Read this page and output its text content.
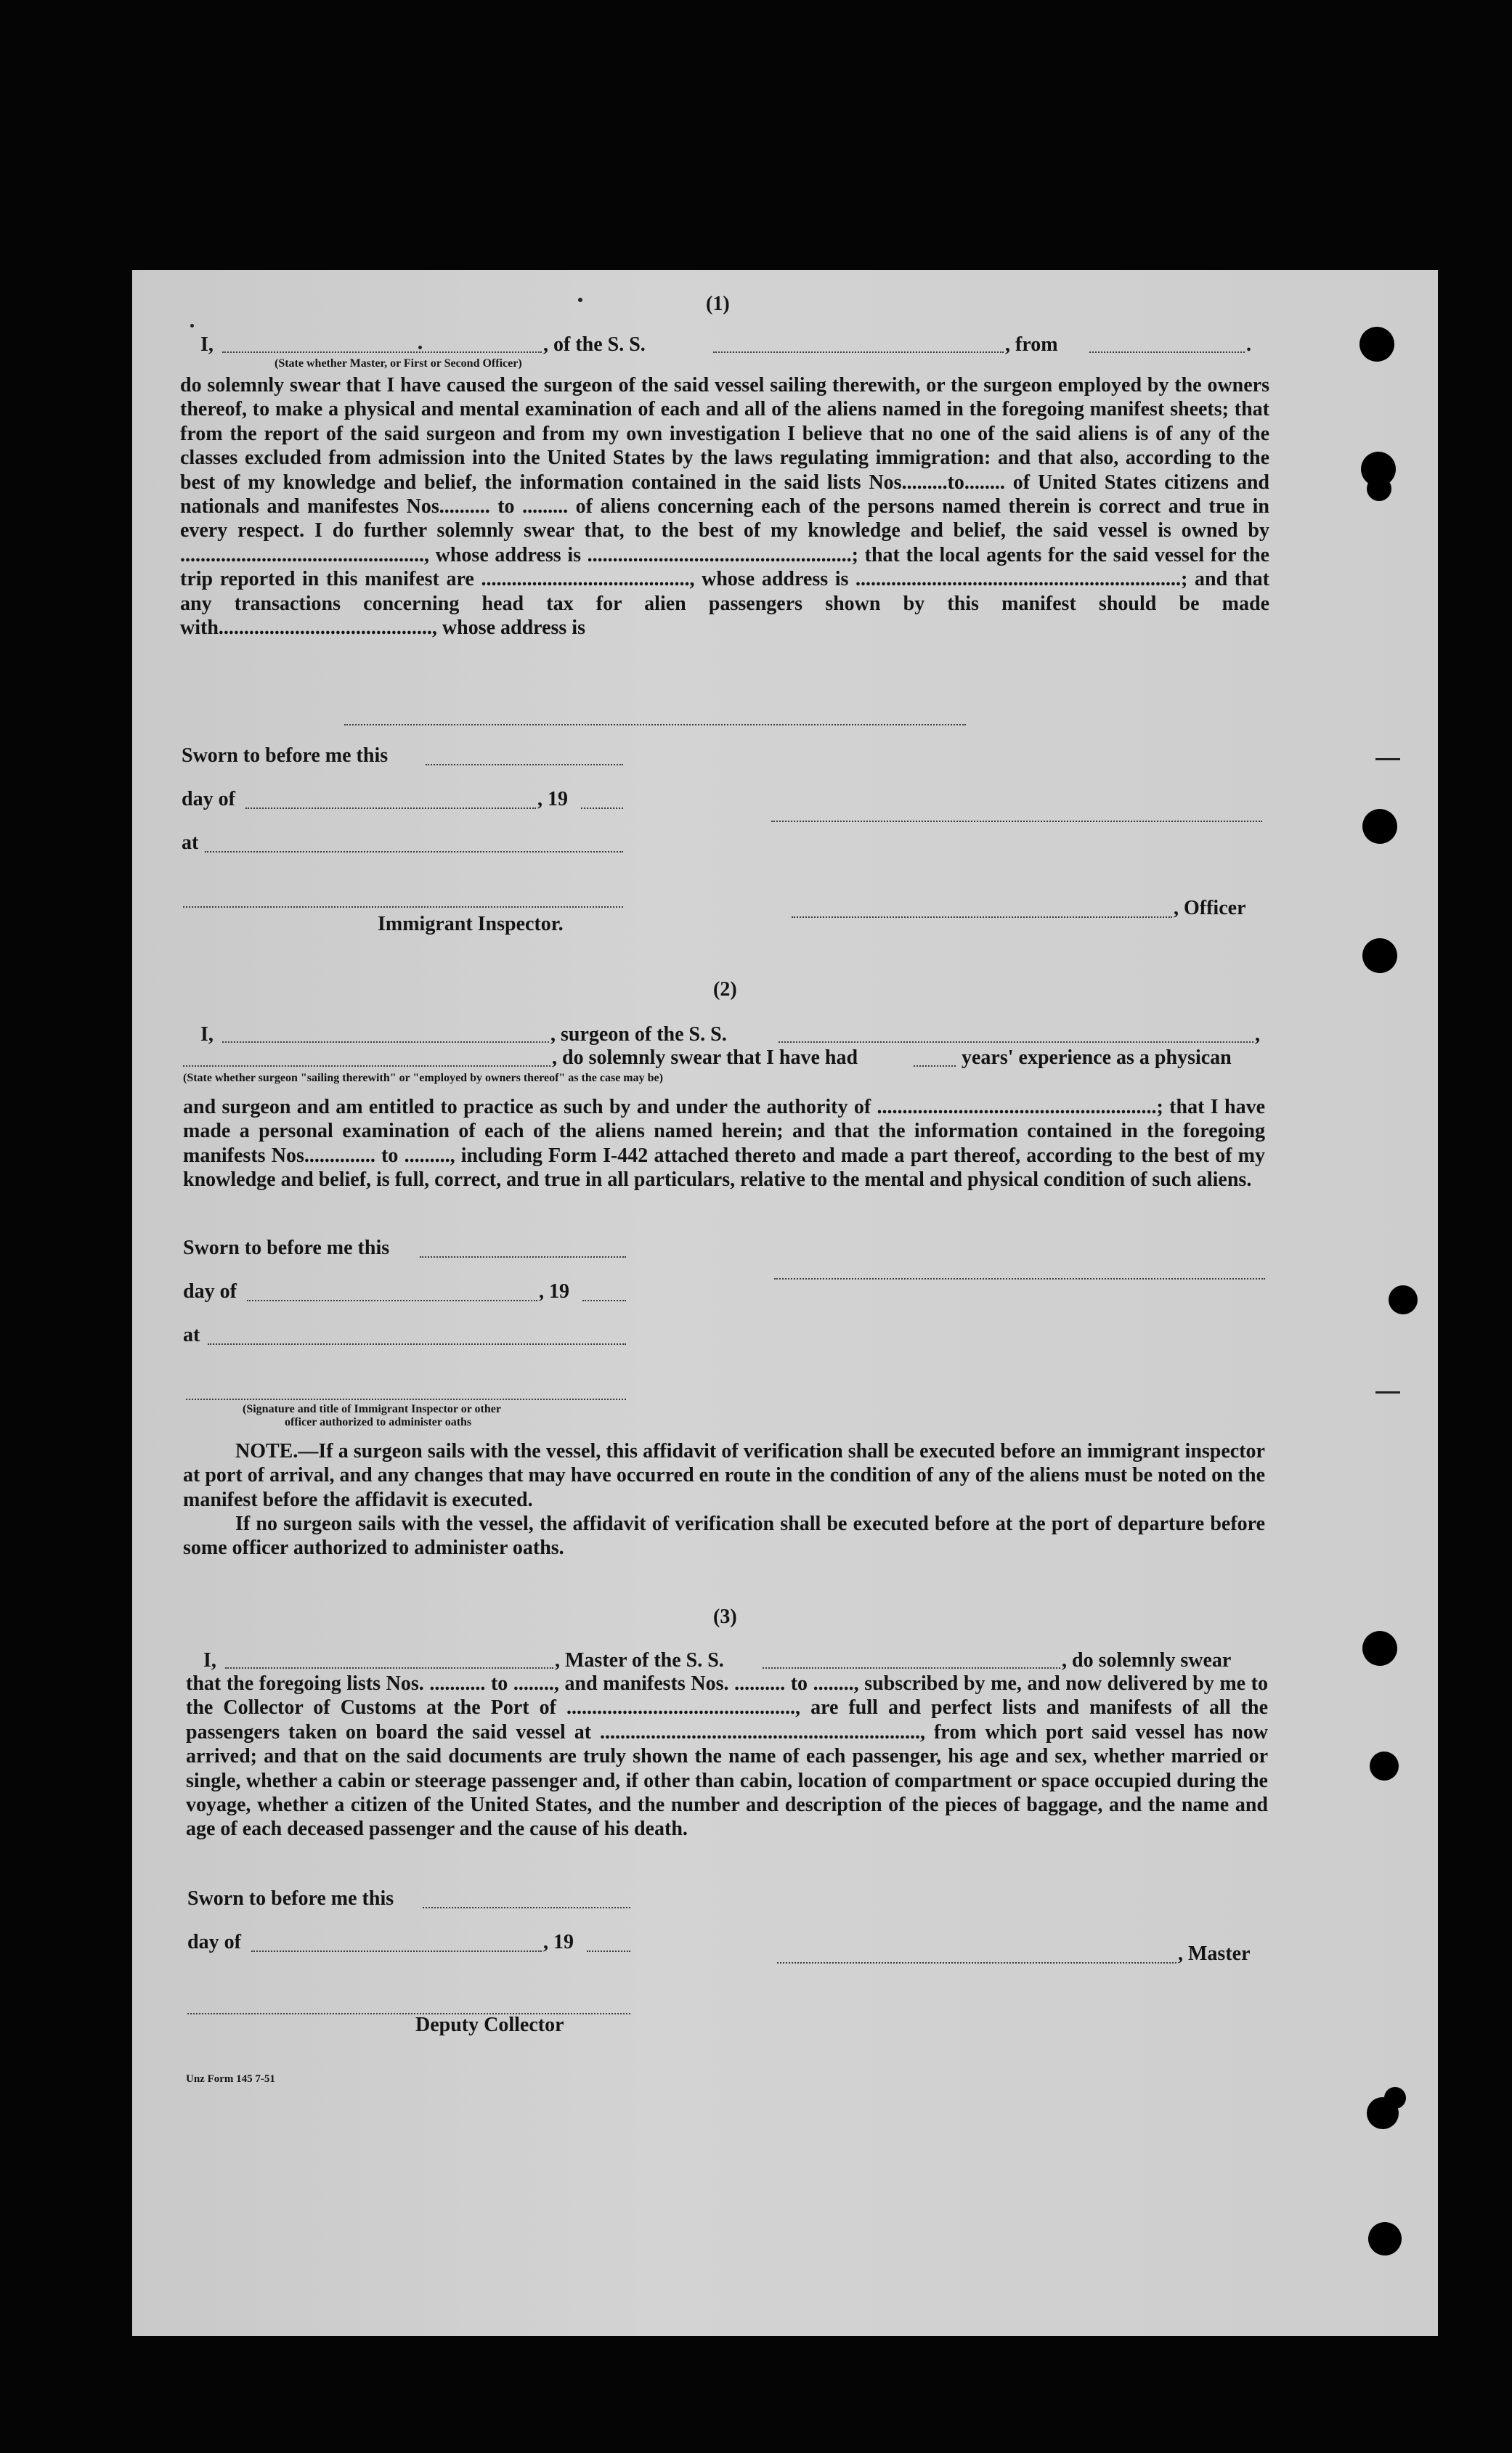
(1)
I,	, of the S. S.	, from	.
(State whether Master, or First or Second Officer)
do solemnly swear that I have caused the surgeon of the said vessel sailing therewith, or the surgeon employed by the owners thereof, to make a physical and mental examination of each and all of the aliens named in the foregoing manifest sheets; that from the report of the said surgeon and from my own investigation I believe that no one of the said aliens is of any of the classes excluded from admission into the United States by the laws regulating immigration: and that also, according to the best of my knowledge and belief, the information contained in the said lists Nos.........to........ of United States citizens and nationals and manifestes Nos.......... to ......... of aliens concerning each of the persons named therein is correct and true in every respect. I do further solemnly swear that, to the best of my knowledge and belief, the said vessel is owned by ................................................, whose address is ....................................................; that the local agents for the said vessel for the trip reported in this manifest are ........................................., whose address is ................................................................; and that any transactions concerning head tax for alien passengers shown by this manifest should be made with.........................................., whose address is
Sworn to before me this
day of	, 19
at
, Officer
Immigrant Inspector.
(2)
I,	, surgeon of the S. S.	,
, do solemnly swear that I have had	years' experience as a physican
(State whether surgeon "sailing therewith" or "employed by owners thereof" as the case may be)
and surgeon and am entitled to practice as such by and under the authority of .......................................................; that I have made a personal examination of each of the aliens named herein; and that the information contained in the foregoing manifests Nos.............. to ........., including Form I-442 attached thereto and made a part thereof, according to the best of my knowledge and belief, is full, correct, and true in all particulars, relative to the mental and physical condition of such aliens.
Sworn to before me this
day of	, 19
at
(Signature and title of Immigrant Inspector or other
officer authorized to administer oaths
NOTE.—If a surgeon sails with the vessel, this affidavit of verification shall be executed before an immigrant inspector at port of arrival, and any changes that may have occurred en route in the condition of any of the aliens must be noted on the manifest before the affidavit is executed.
If no surgeon sails with the vessel, the affidavit of verification shall be executed before at the port of departure before some officer authorized to administer oaths.
(3)
I,	, Master of the S. S.	, do solemnly swear
that the foregoing lists Nos. ........... to ........, and manifests Nos. .......... to ........, subscribed by me, and now delivered by me to the Collector of Customs at the Port of ............................................., are full and perfect lists and manifests of all the passengers taken on board the said vessel at ..............................................................., from which port said vessel has now arrived; and that on the said documents are truly shown the name of each passenger, his age and sex, whether married or single, whether a cabin or steerage passenger and, if other than cabin, location of compartment or space occupied during the voyage, whether a citizen of the United States, and the number and description of the pieces of baggage, and the name and age of each deceased passenger and the cause of his death.
Sworn to before me this
day of	, 19
, Master
Deputy Collector
Unz Form 145 7-51
